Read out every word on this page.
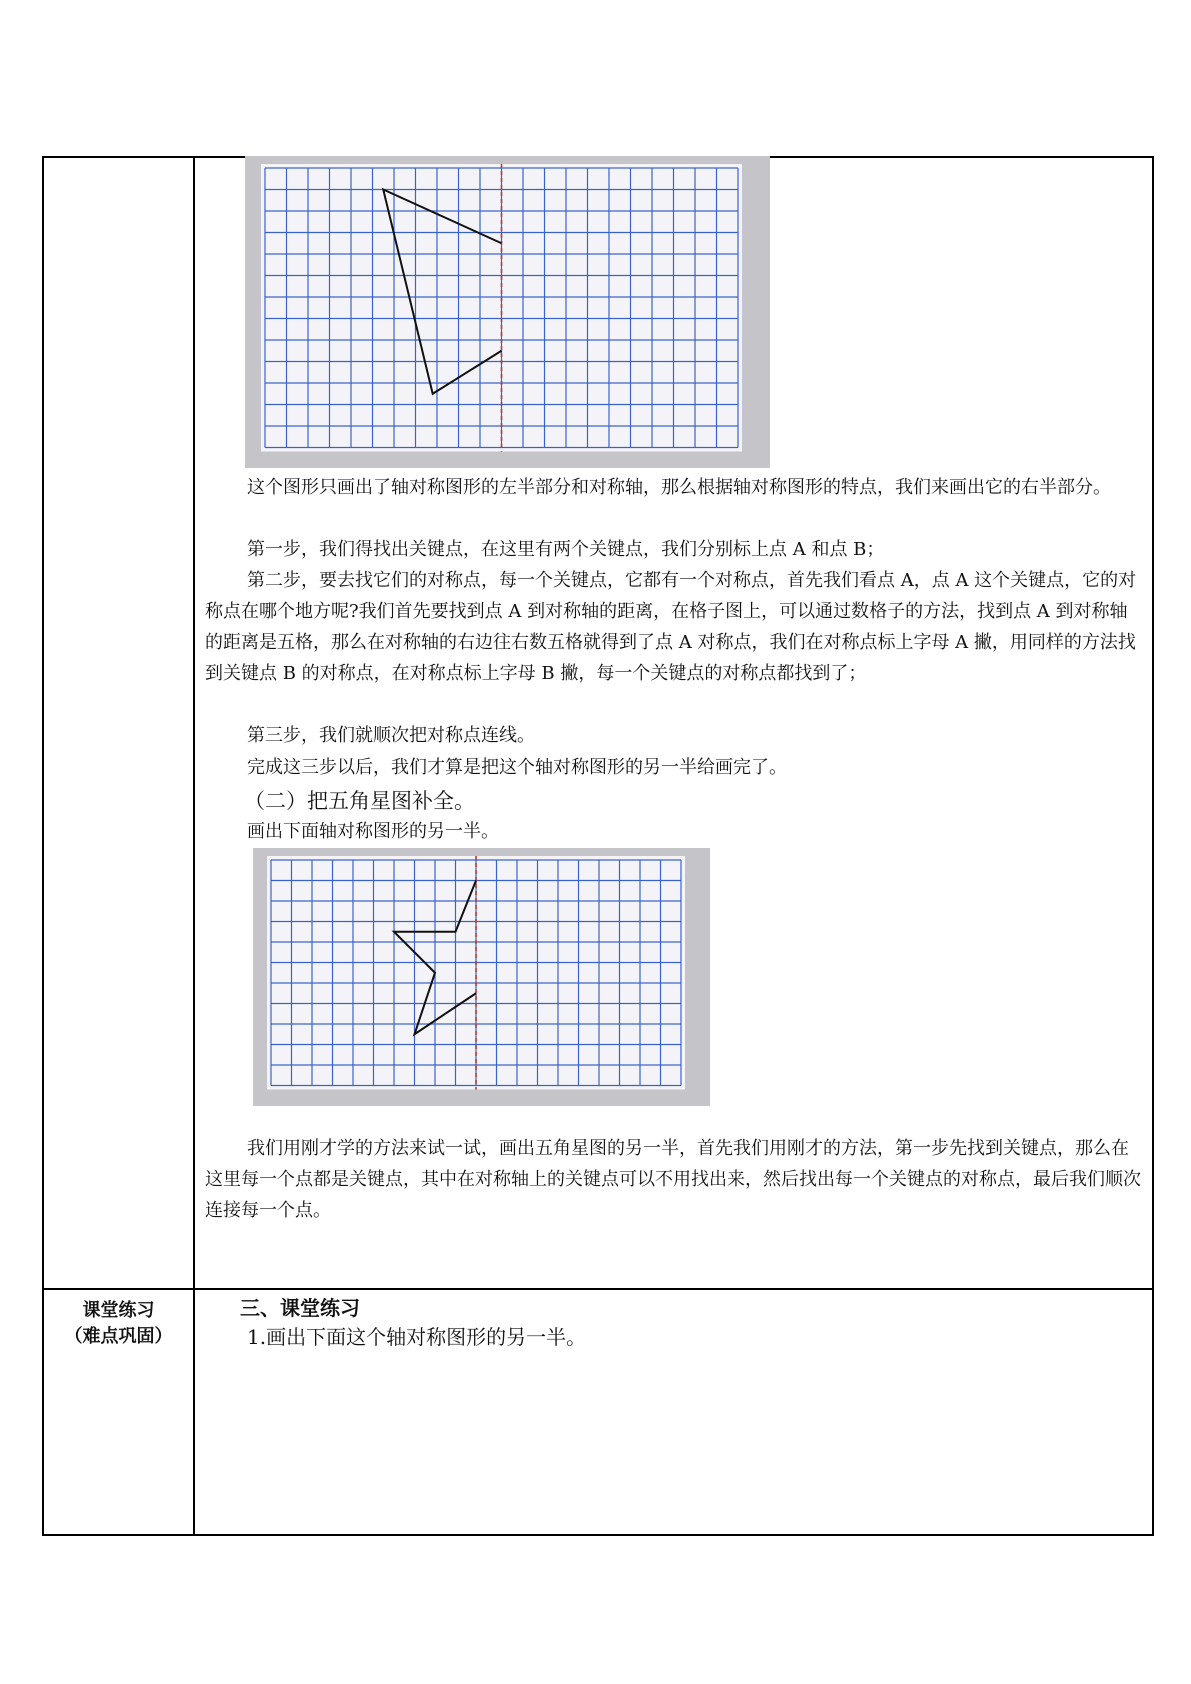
课堂练习
（难点巩固）
这个图形只画出了轴对称图形的左半部分和对称轴，那么根据轴对称图形的特点，我们来画出它的右半部分。
第一步，我们得找出关键点，在这里有两个关键点，我们分别标上点 A 和点 B；
第二步，要去找它们的对称点，每一个关键点，它都有一个对称点，首先我们看点 A，点 A 这个关键点，它的对称点在哪个地方呢?我们首先要找到点 A 到对称轴的距离，在格子图上，可以通过数格子的方法，找到点 A 到对称轴的距离是五格，那么在对称轴的右边往右数五格就得到了点 A 对称点，我们在对称点标上字母 A 撇，用同样的方法找到关键点 B 的对称点，在对称点标上字母 B 撇，每一个关键点的对称点都找到了；
第三步，我们就顺次把对称点连线。
完成这三步以后，我们才算是把这个轴对称图形的另一半给画完了。
（二）把五角星图补全。
画出下面轴对称图形的另一半。
我们用刚才学的方法来试一试，画出五角星图的另一半，首先我们用刚才的方法，第一步先找到关键点，那么在这里每一个点都是关键点，其中在对称轴上的关键点可以不用找出来，然后找出每一个关键点的对称点，最后我们顺次连接每一个点。
三、课堂练习
1.画出下面这个轴对称图形的另一半。
